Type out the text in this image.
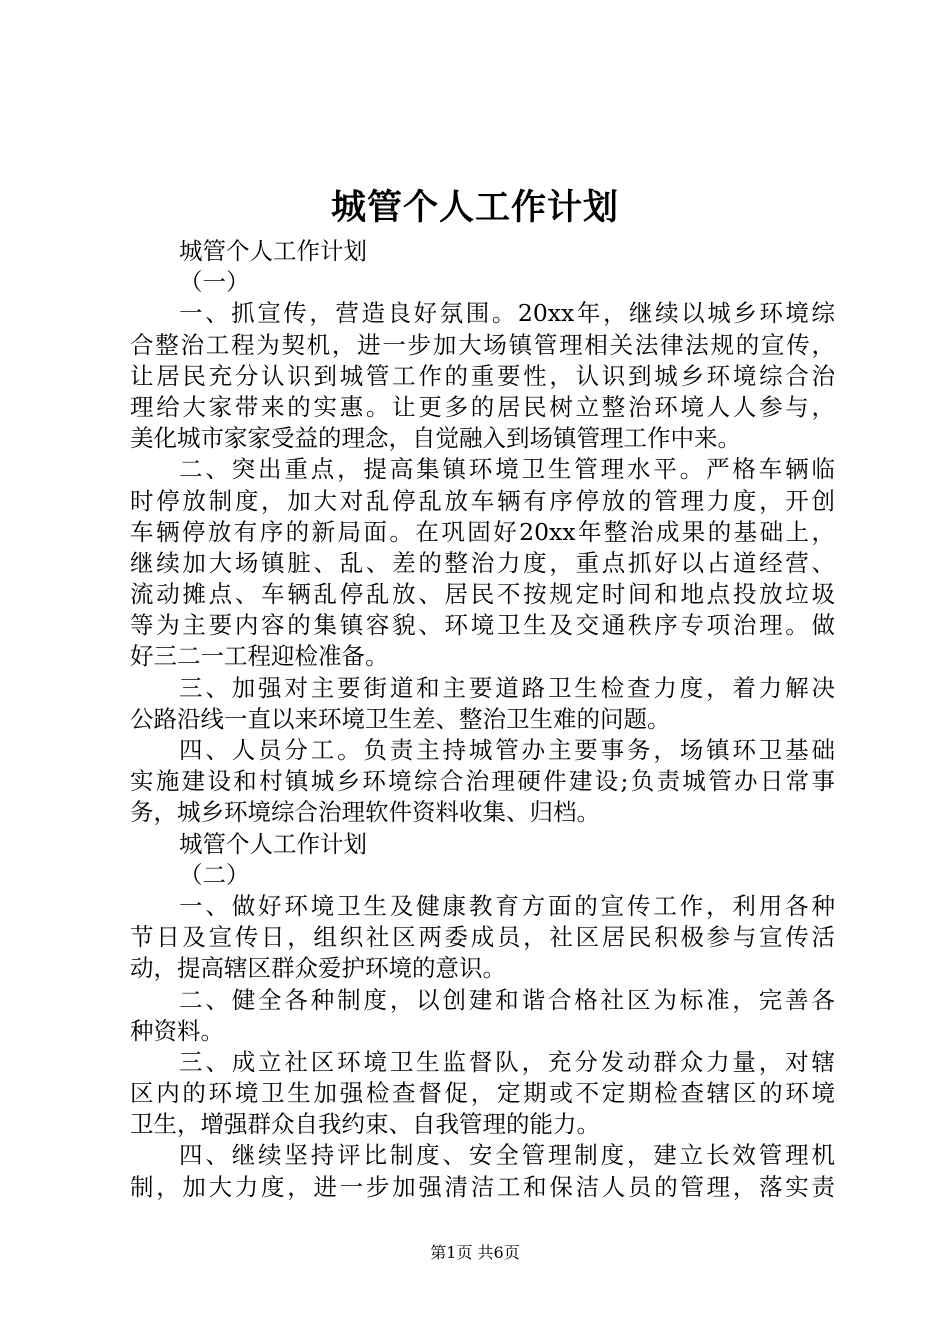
城管个人工作计划
城管个人工作计划
（一）
一、抓宣传，营造良好氛围。20xx年，继续以城乡环境综
合整治工程为契机，进一步加大场镇管理相关法律法规的宣传，
让居民充分认识到城管工作的重要性，认识到城乡环境综合治
理给大家带来的实惠。让更多的居民树立整治环境人人参与，
美化城市家家受益的理念，自觉融入到场镇管理工作中来。
二、突出重点，提高集镇环境卫生管理水平。严格车辆临
时停放制度，加大对乱停乱放车辆有序停放的管理力度，开创
车辆停放有序的新局面。在巩固好20xx年整治成果的基础上，
继续加大场镇脏、乱、差的整治力度，重点抓好以占道经营、
流动摊点、车辆乱停乱放、居民不按规定时间和地点投放垃圾
等为主要内容的集镇容貌、环境卫生及交通秩序专项治理。做
好三二一工程迎检准备。
三、加强对主要街道和主要道路卫生检查力度，着力解决
公路沿线一直以来环境卫生差、整治卫生难的问题。
四、人员分工。负责主持城管办主要事务，场镇环卫基础
实施建设和村镇城乡环境综合治理硬件建设;负责城管办日常事
务，城乡环境综合治理软件资料收集、归档。
城管个人工作计划
（二）
一、做好环境卫生及健康教育方面的宣传工作，利用各种
节日及宣传日，组织社区两委成员，社区居民积极参与宣传活
动，提高辖区群众爱护环境的意识。
二、健全各种制度，以创建和谐合格社区为标准，完善各
种资料。
三、成立社区环境卫生监督队，充分发动群众力量，对辖
区内的环境卫生加强检查督促，定期或不定期检查辖区的环境
卫生，增强群众自我约束、自我管理的能力。
四、继续坚持评比制度、安全管理制度，建立长效管理机
制，加大力度，进一步加强清洁工和保洁人员的管理，落实责
第1页 共6页
